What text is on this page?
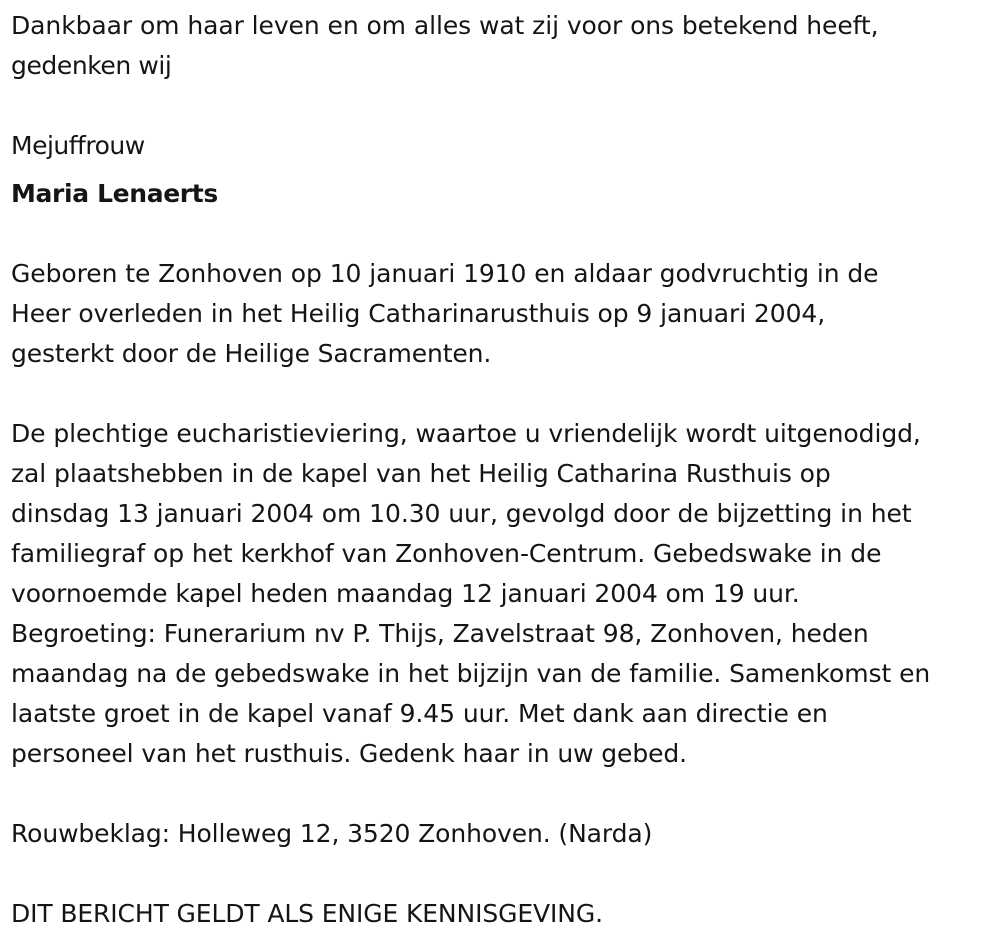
Dankbaar om haar leven en om alles wat zij voor ons betekend heeft,

gedenken wij

Mejuffrouw

Maria Lenaerts

Geboren te Zonhoven op 10 januari 1910 en aldaar godvruchtig in de

Heer overleden in het Heilig Catharinarusthuis op 9 januari 2004,

gesterkt door de Heilige Sacramenten.

De plechtige eucharistieviering, waartoe u vriendelijk wordt uitgenodigd,

zal plaatshebben in de kapel van het Heilig Catharina Rusthuis op

dinsdag 13 januari 2004 om 10.30 uur, gevolgd door de bijzetting in het

familiegraf op het kerkhof van Zonhoven-Centrum. Gebedswake in de

voornoemde kapel heden maandag 12 januari 2004 om 19 uur.

Begroeting: Funerarium nv P. Thijs, Zavelstraat 98, Zonhoven, heden

maandag na de gebedswake in het bijzijn van de familie. Samenkomst en

laatste groet in de kapel vanaf 9.45 uur. Met dank aan directie en

personeel van het rusthuis. Gedenk haar in uw gebed.

Rouwbeklag: Holleweg 12, 3520 Zonhoven. (Narda)

DIT BERICHT GELDT ALS ENIGE KENNISGEVING.
